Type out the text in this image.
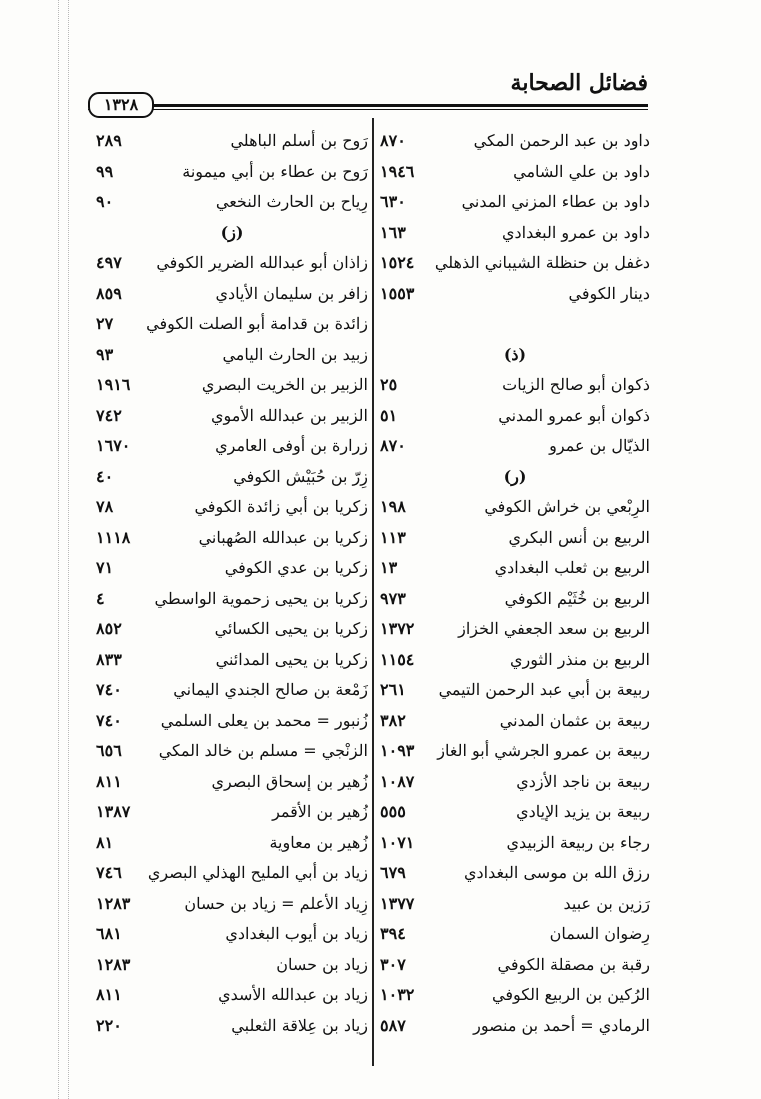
فضائل الصحابة
١٣٢٨
داود بن عبد الرحمن المكي
٨٧٠
داود بن علي الشامي
١٩٤٦
داود بن عطاء المزني المدني
٦٣٠
داود بن عمرو البغدادي
١٦٣
دغفل بن حنظلة الشيباني الذهلي
١٥٢٤
دينار الكوفي
١٥٥٣
(ذ)
ذكوان أبو صالح الزيات
٢٥
ذكوان أبو عمرو المدني
٥١
الذيّال بن عمرو
٨٧٠
(ر)
الرِبْعي بن خراش الكوفي
١٩٨
الربيع بن أنس البكري
١١٣
الربيع بن ثعلب البغدادي
١٣
الربيع بن خُثَيْم الكوفي
٩٧٣
الربيع بن سعد الجعفي الخزاز
١٣٧٢
الربيع بن منذر الثوري
١١٥٤
ربيعة بن أبي عبد الرحمن التيمي
٢٦١
ربيعة بن عثمان المدني
٣٨٢
ربيعة بن عمرو الجرشي أبو الغاز
١٠٩٣
ربيعة بن ناجد الأزدي
١٠٨٧
ربيعة بن يزيد الإيادي
٥٥٥
رجاء بن ربيعة الزبيدي
١٠٧١
رزق الله بن موسى البغدادي
٦٧٩
رَزين بن عبيد
١٣٧٧
رِضوان السمان
٣٩٤
رقبة بن مصقلة الكوفي
٣٠٧
الرُكين بن الربيع الكوفي
١٠٣٢
الرمادي = أحمد بن منصور
٥٨٧
رَوح بن أسلم الباهلي
٢٨٩
رَوح بن عطاء بن أبي ميمونة
٩٩
رِياح بن الحارث النخعي
٩٠
(ز)
زاذان أبو عبدالله الضرير الكوفي
٤٩٧
زافر بن سليمان الأيادي
٨٥٩
زائدة بن قدامة أبو الصلت الكوفي
٢٧
زبيد بن الحارث اليامي
٩٣
الزبير بن الخريت البصري
١٩١٦
الزبير بن عبدالله الأموي
٧٤٢
زرارة بن أوفى العامري
١٦٧٠
زِرّ بن حُبَيْش الكوفي
٤٠
زكريا بن أبي زائدة الكوفي
٧٨
زكريا بن عبدالله الصُهباني
١١١٨
زكريا بن عدي الكوفي
٧١
زكريا بن يحيى زحموية الواسطي
٤
زكريا بن يحيى الكسائي
٨٥٢
زكريا بن يحيى المدائني
٨٣٣
زَمْعة بن صالح الجندي اليماني
٧٤٠
زُنبور = محمد بن يعلى السلمي
٧٤٠
الزنْجي = مسلم بن خالد المكي
٦٥٦
زُهير بن إسحاق البصري
٨١١
زُهير بن الأقمر
١٣٨٧
زُهير بن معاوية
٨١
زياد بن أبي المليح الهذلي البصري
٧٤٦
زِياد الأعلم = زياد بن حسان
١٢٨٣
زياد بن أيوب البغدادي
٦٨١
زياد بن حسان
١٢٨٣
زياد بن عبدالله الأسدي
٨١١
زياد بن عِلاقة الثعلبي
٢٢٠
